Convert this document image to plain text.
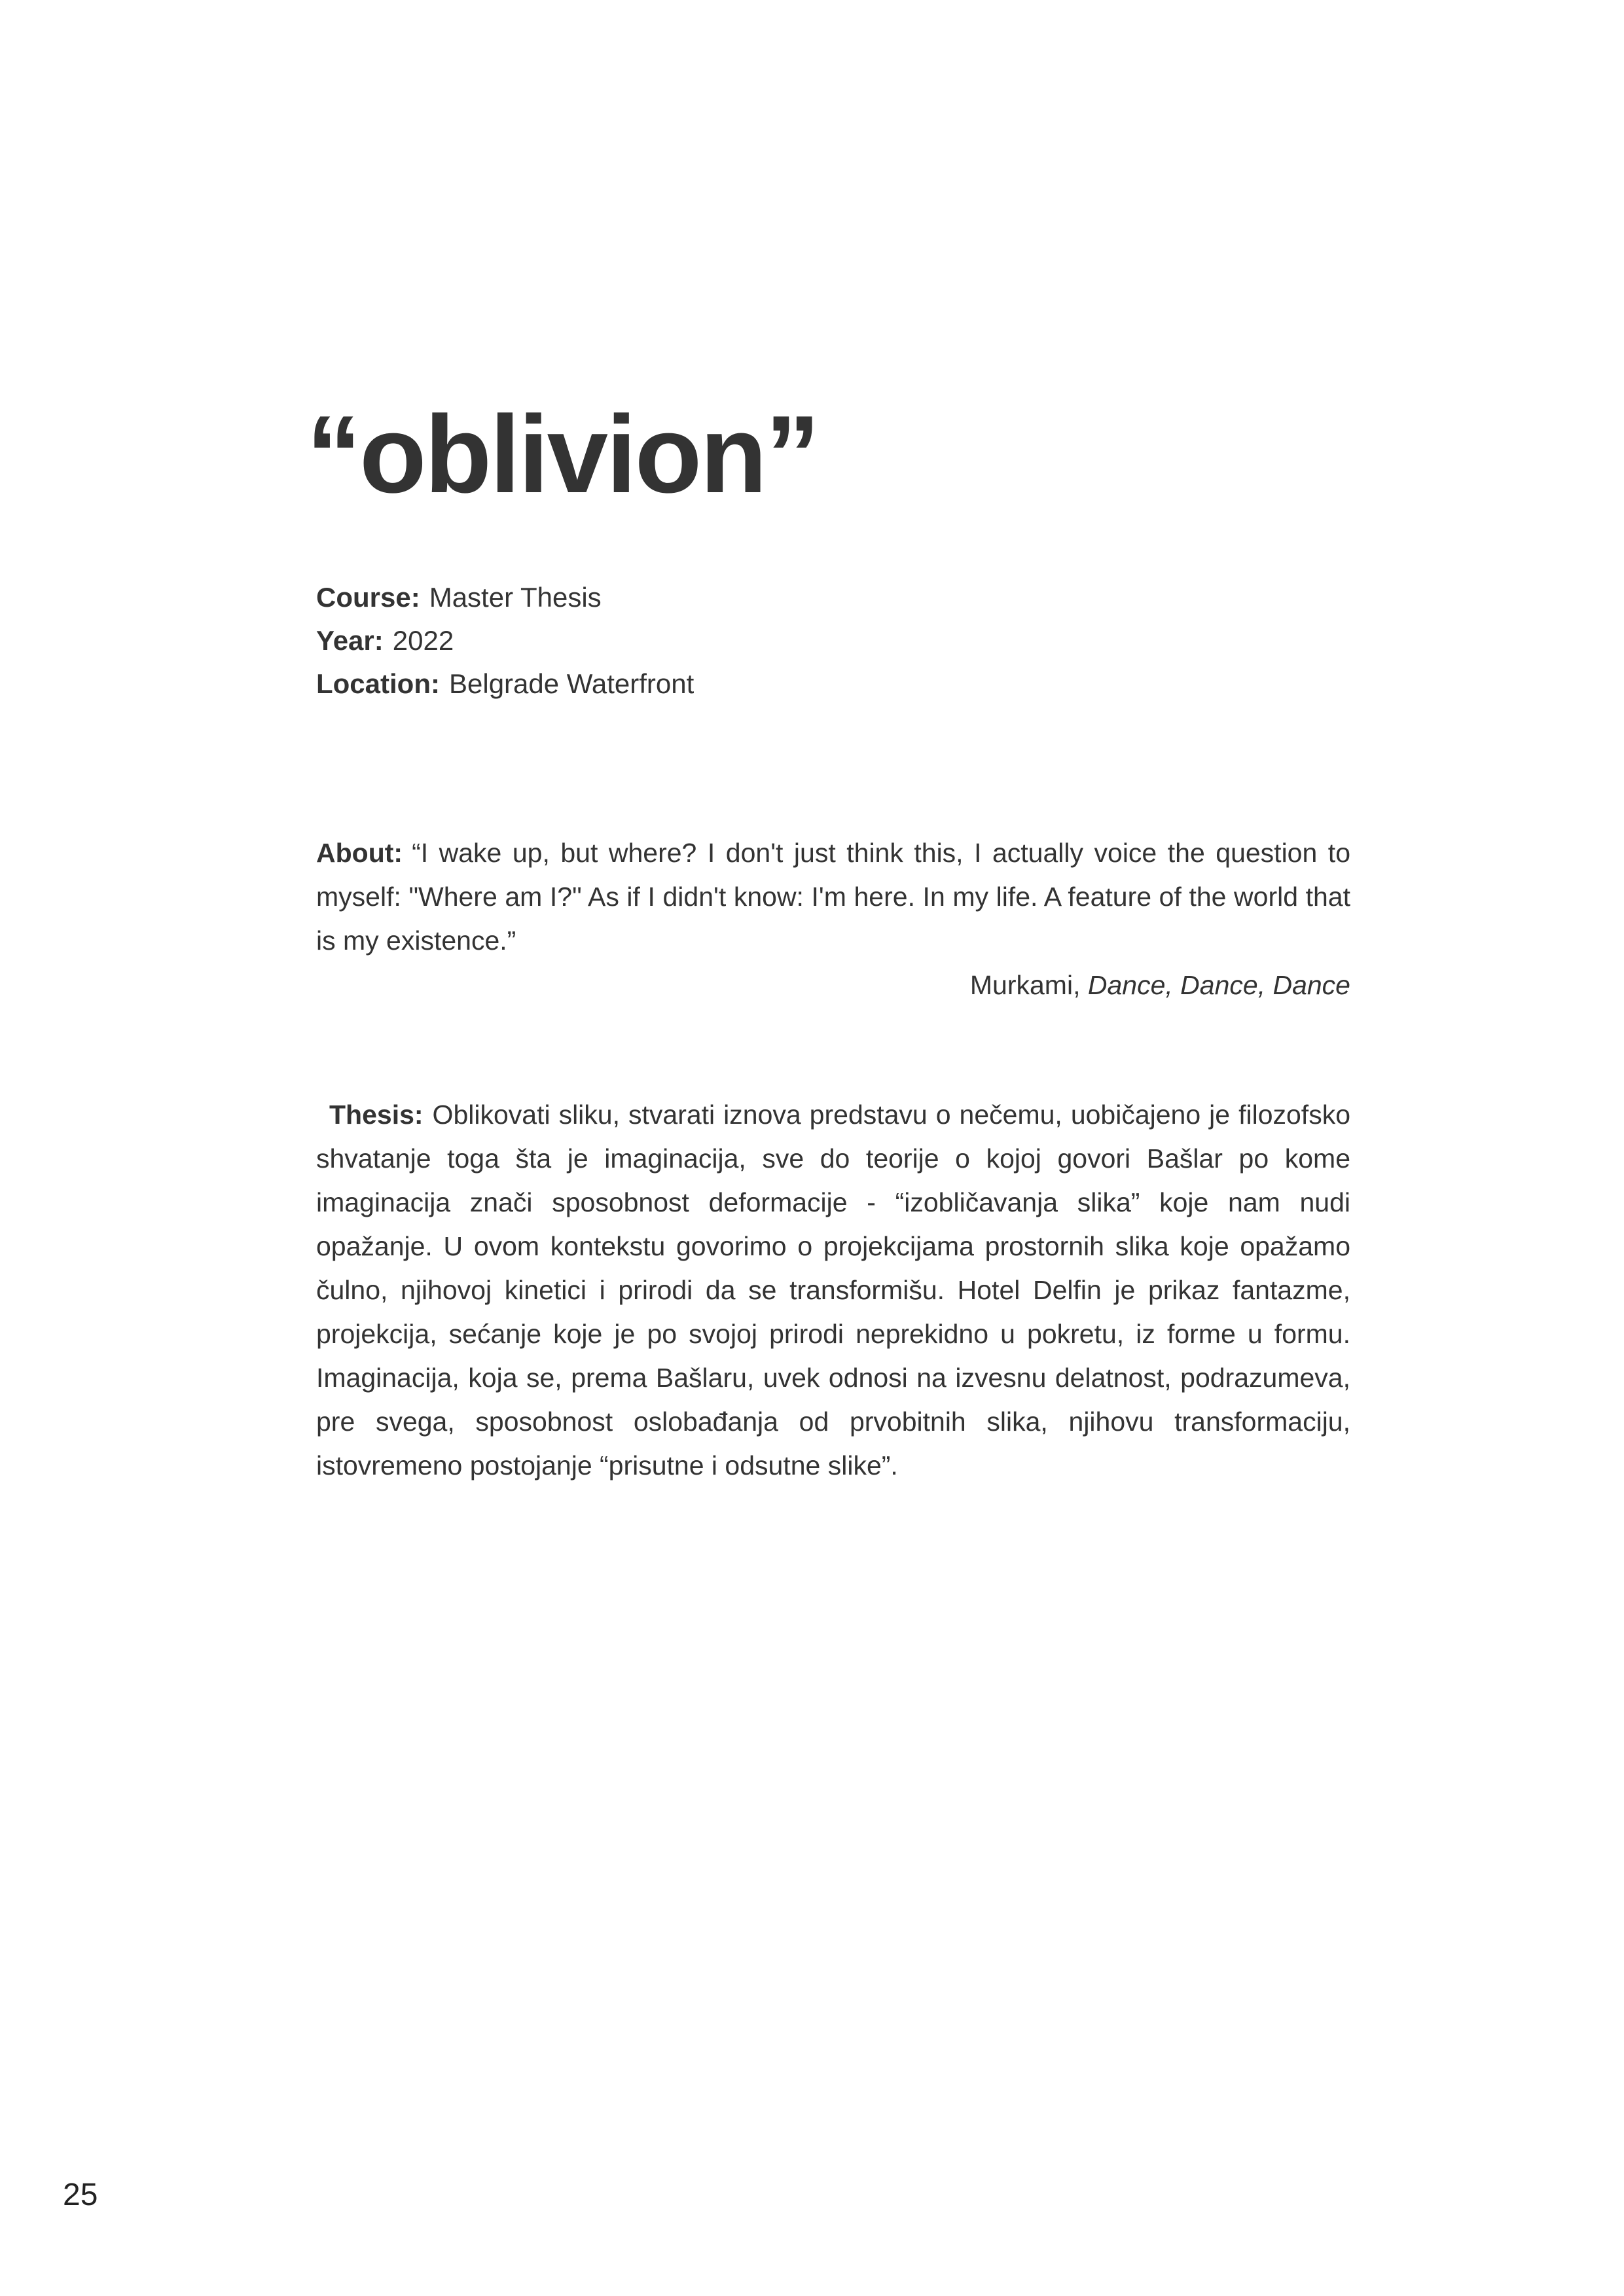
“oblivion”
Course: Master Thesis
Year: 2022
Location: Belgrade Waterfront
About: “I wake up, but where? I don't just think this, I actually voice the question to myself: "Where am I?" As if I didn't know: I'm here. In my life. A feature of the world that is my existence.”
Murkami, Dance, Dance, Dance
Thesis: Oblikovati sliku, stvarati iznova predstavu o nečemu, uobičajeno je filozofsko shvatanje toga šta je imaginacija, sve do teorije o kojoj govori Bašlar po kome imaginacija znači sposobnost deformacije - “izobličavanja slika” koje nam nudi opažanje. U ovom kontekstu govorimo o projekcijama prostornih slika koje opažamo čulno, njihovoj kinetici i prirodi da se transformišu. Hotel Delfin je prikaz fantazme, projekcija, sećanje koje je po svojoj prirodi neprekidno u pokretu, iz forme u formu. Imaginacija, koja se, prema Bašlaru, uvek odnosi na izvesnu delatnost, podrazumeva, pre svega, sposobnost oslobađanja od prvobitnih slika, njihovu transformaciju, istovremeno postojanje “prisutne i odsutne slike”.
25
